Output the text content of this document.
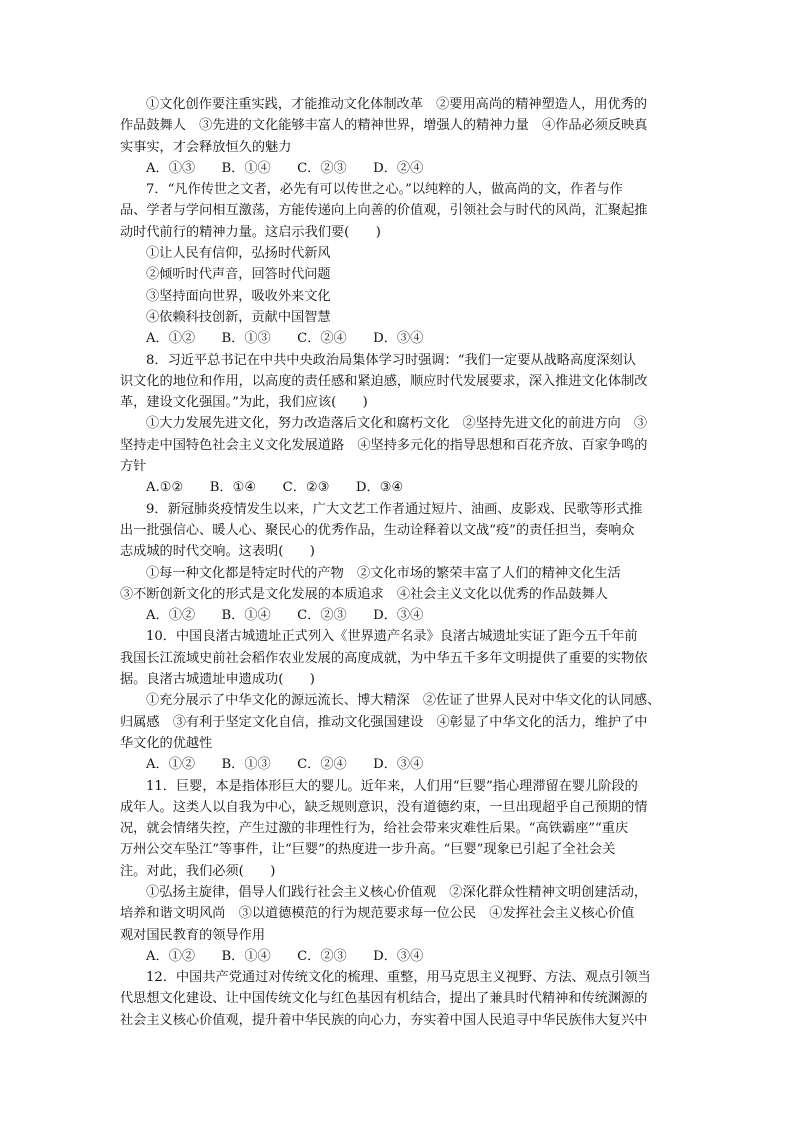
①文化创作要注重实践，才能推动文化体制改革　②要用高尚的精神塑造人，用优秀的
作品鼓舞人　③先进的文化能够丰富人的精神世界，增强人的精神力量　④作品必须反映真
实事实，才会释放恒久的魅力
A．①③　　B．①④　　C．②③　　D．②④
7．“凡作传世之文者，必先有可以传世之心。”以纯粹的人，做高尚的文，作者与作
品、学者与学问相互激荡，方能传递向上向善的价值观，引领社会与时代的风尚，汇聚起推
动时代前行的精神力量。这启示我们要(　　)
①让人民有信仰，弘扬时代新风
②倾听时代声音，回答时代问题
③坚持面向世界，吸收外来文化
④依赖科技创新，贡献中国智慧
A．①②　　B．①③　　C．②④　　D．③④
8．习近平总书记在中共中央政治局集体学习时强调：“我们一定要从战略高度深刻认
识文化的地位和作用，以高度的责任感和紧迫感，顺应时代发展要求，深入推进文化体制改
革，建设文化强国。”为此，我们应该(　　)
①大力发展先进文化，努力改造落后文化和腐朽文化　②坚持先进文化的前进方向　③
坚持走中国特色社会主义文化发展道路　④坚持多元化的指导思想和百花齐放、百家争鸣的
方针
A.①②　　B．①④　　C．②③　　D．③④
9．新冠肺炎疫情发生以来，广大文艺工作者通过短片、油画、皮影戏、民歌等形式推
出一批强信心、暖人心、聚民心的优秀作品，生动诠释着以文战“疫”的责任担当，奏响众
志成城的时代交响。这表明(　　)
①每一种文化都是特定时代的产物　②文化市场的繁荣丰富了人们的精神文化生活
③不断创新文化的形式是文化发展的本质追求　④社会主义文化以优秀的作品鼓舞人
A．①②　　B．①④　　C．②③　　D．③④
10．中国良渚古城遗址正式列入《世界遗产名录》良渚古城遗址实证了距今五千年前
我国长江流域史前社会稻作农业发展的高度成就，为中华五千多年文明提供了重要的实物依
据。良渚古城遗址申遗成功(　　)
①充分展示了中华文化的源远流长、博大精深　②佐证了世界人民对中华文化的认同感、
归属感　③有利于坚定文化自信，推动文化强国建设　④彰显了中华文化的活力，维护了中
华文化的优越性
A．①②　　B．①③　　C．②④　　D．③④
11．巨婴，本是指体形巨大的婴儿。近年来，人们用“巨婴”指心理滞留在婴儿阶段的
成年人。这类人以自我为中心，缺乏规则意识，没有道德约束，一旦出现超乎自己预期的情
况，就会情绪失控，产生过激的非理性行为，给社会带来灾难性后果。“高铁霸座”“重庆
万州公交车坠江”等事件，让“巨婴”的热度进一步升高。“巨婴”现象已引起了全社会关
注。对此，我们必须(　　)
①弘扬主旋律，倡导人们践行社会主义核心价值观　②深化群众性精神文明创建活动，
培养和谐文明风尚　③以道德模范的行为规范要求每一位公民　④发挥社会主义核心价值
观对国民教育的领导作用
A．①②　　B．①④　　C．②③　　D．③④
12．中国共产党通过对传统文化的梳理、重整，用马克思主义视野、方法、观点引领当
代思想文化建设、让中国传统文化与红色基因有机结合，提出了兼具时代精神和传统渊源的
社会主义核心价值观，提升着中华民族的向心力，夯实着中国人民追寻中华民族伟大复兴中
